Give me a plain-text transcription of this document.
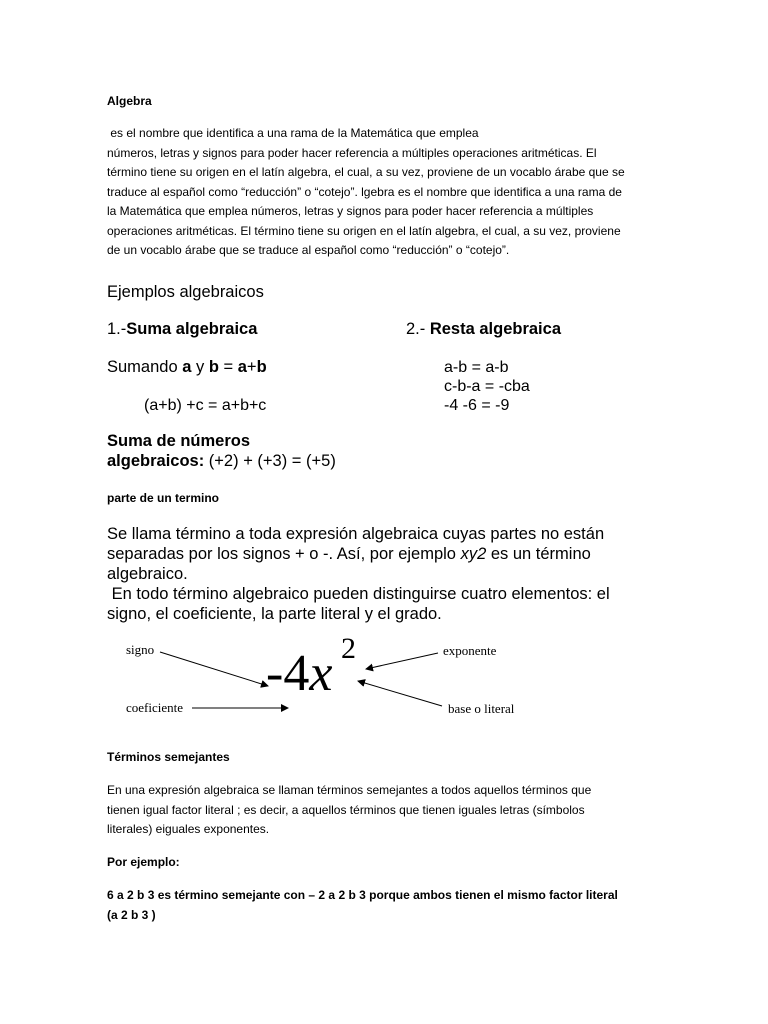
Algebra
es el nombre que identifica a una rama de la Matemática que emplea
números, letras y signos para poder hacer referencia a múltiples operaciones aritméticas. El
término tiene su origen en el latín algebra, el cual, a su vez, proviene de un vocablo árabe que se
traduce al español como “reducción” o “cotejo”. lgebra es el nombre que identifica a una rama de
la Matemática que emplea números, letras y signos para poder hacer referencia a múltiples
operaciones aritméticas. El término tiene su origen en el latín algebra, el cual, a su vez, proviene
de un vocablo árabe que se traduce al español como “reducción” o “cotejo”.
Ejemplos algebraicos
1.-Suma algebraica
Sumando a y b = a+b
(a+b) +c = a+b+c
Suma de números
algebraicos: (+2) + (+3) = (+5)
2.- Resta algebraica
a-b = a-b
c-b-a = -cba
-4 -6 = -9
parte de un termino
Se llama término a toda expresión algebraica cuyas partes no están
separadas por los signos + o -. Así, por ejemplo xy2 es un término
algebraico.
En todo término algebraico pueden distinguirse cuatro elementos: el
signo, el coeficiente, la parte literal y el grado.
signo
coeficiente
exponente
base o literal
-4x 2
Términos semejantes
En una expresión algebraica se llaman términos semejantes a todos aquellos términos que
tienen igual factor literal ; es decir, a aquellos términos que tienen iguales letras (símbolos
literales) eiguales exponentes.
Por ejemplo:
6 a 2 b 3 es término semejante con – 2 a 2 b 3 porque ambos tienen el mismo factor literal
(a 2 b 3 )
